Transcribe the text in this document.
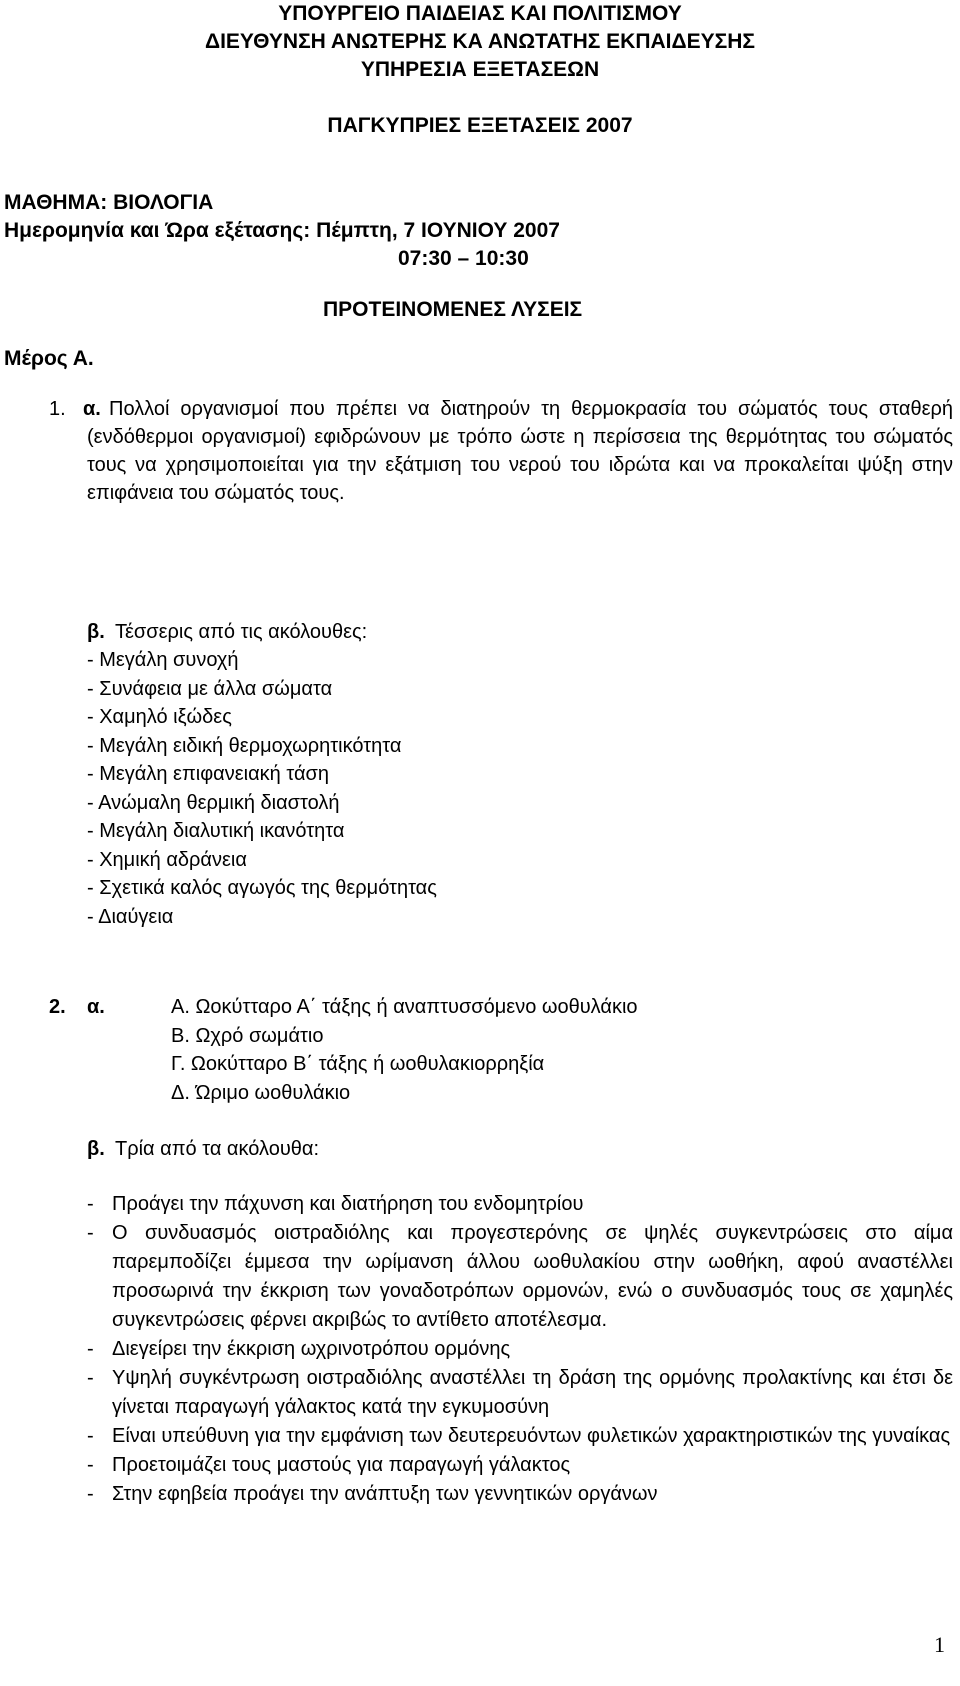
ΥΠΟΥΡΓΕΙΟ ΠΑΙΔΕΙΑΣ ΚΑΙ ΠΟΛΙΤΙΣΜΟΥ
ΔΙΕΥΘΥΝΣΗ ΑΝΩΤΕΡΗΣ ΚΑ ΑΝΩΤΑΤΗΣ ΕΚΠΑΙΔΕΥΣΗΣ
ΥΠΗΡΕΣΙΑ ΕΞΕΤΑΣΕΩΝ
ΠΑΓΚΥΠΡΙΕΣ ΕΞΕΤΑΣΕΙΣ 2007
ΜΑΘΗΜΑ: ΒΙΟΛΟΓΙΑ
Ημερομηνία και Ώρα εξέτασης: Πέμπτη, 7 ΙΟΥΝΙΟΥ 2007
07:30 – 10:30
ΠΡΟΤΕΙΝΟΜΕΝΕΣ ΛΥΣΕΙΣ
Μέρος Α.
1. α. Πολλοί οργανισμοί που πρέπει να διατηρούν τη θερμοκρασία του σώματός τους σταθερή (ενδόθερμοι οργανισμοί) εφιδρώνουν με τρόπο ώστε η περίσσεια της θερμότητας του σώματός τους να χρησιμοποιείται για την εξάτμιση του νερού του ιδρώτα και να προκαλείται ψύξη στην επιφάνεια του σώματός τους.
β. Τέσσερις από τις ακόλουθες:
- Μεγάλη συνοχή
- Συνάφεια με άλλα σώματα
- Χαμηλό ιξώδες
- Μεγάλη ειδική θερμοχωρητικότητα
- Μεγάλη επιφανειακή τάση
- Ανώμαλη θερμική διαστολή
- Μεγάλη διαλυτική ικανότητα
- Χημική αδράνεια
- Σχετικά καλός αγωγός της θερμότητας
- Διαύγεια
2. α.	Α. Ωοκύτταρο Α΄ τάξης ή αναπτυσσόμενο ωοθυλάκιο
Β. Ωχρό σωμάτιο
Γ. Ωοκύτταρο Β΄ τάξης ή ωοθυλακιορρηξία
Δ. Ώριμο ωοθυλάκιο
β. Τρία από τα ακόλουθα:
- Προάγει την πάχυνση και διατήρηση του ενδομητρίου
- Ο συνδυασμός οιστραδιόλης και προγεστερόνης σε ψηλές συγκεντρώσεις στο αίμα παρεμποδίζει έμμεσα την ωρίμανση άλλου ωοθυλακίου στην ωοθήκη, αφού αναστέλλει προσωρινά την έκκριση των γοναδοτρόπων ορμονών, ενώ ο συνδυασμός τους σε χαμηλές συγκεντρώσεις φέρνει ακριβώς το αντίθετο αποτέλεσμα.
- Διεγείρει την έκκριση ωχρινοτρόπου ορμόνης
- Υψηλή συγκέντρωση οιστραδιόλης αναστέλλει τη δράση της ορμόνης προλακτίνης και έτσι δε γίνεται παραγωγή γάλακτος κατά την εγκυμοσύνη
- Είναι υπεύθυνη για την εμφάνιση των δευτερευόντων φυλετικών χαρακτηριστικών της γυναίκας
- Προετοιμάζει τους μαστούς για παραγωγή γάλακτος
- Στην εφηβεία προάγει την ανάπτυξη των γεννητικών οργάνων
1
